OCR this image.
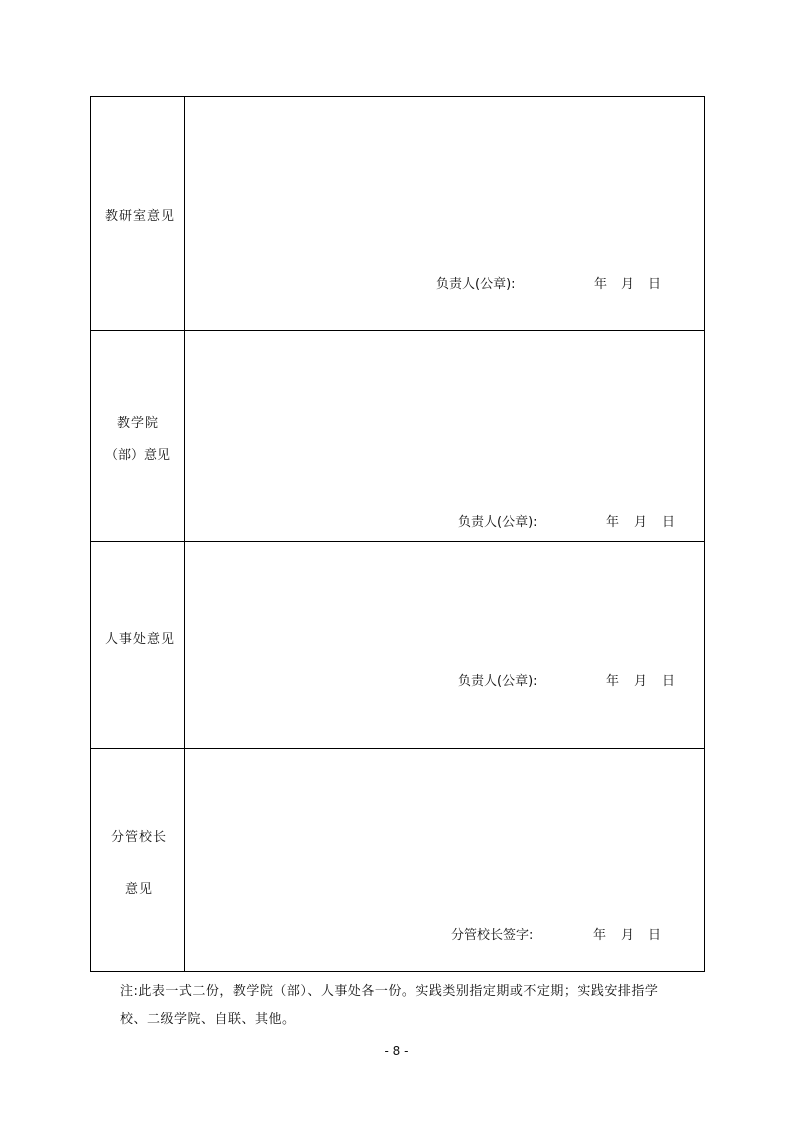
教研室意见
负责人(公章):	年 月 日
教学院
（部）意见
负责人(公章):	年 月 日
人事处意见
负责人(公章):	年 月 日
分管校长
意见
分管校长签字:	年 月 日
注:此表一式二份，教学院（部）、人事处各一份。实践类别指定期或不定期；实践安排指学校、二级学院、自联、其他。
- 8 -
